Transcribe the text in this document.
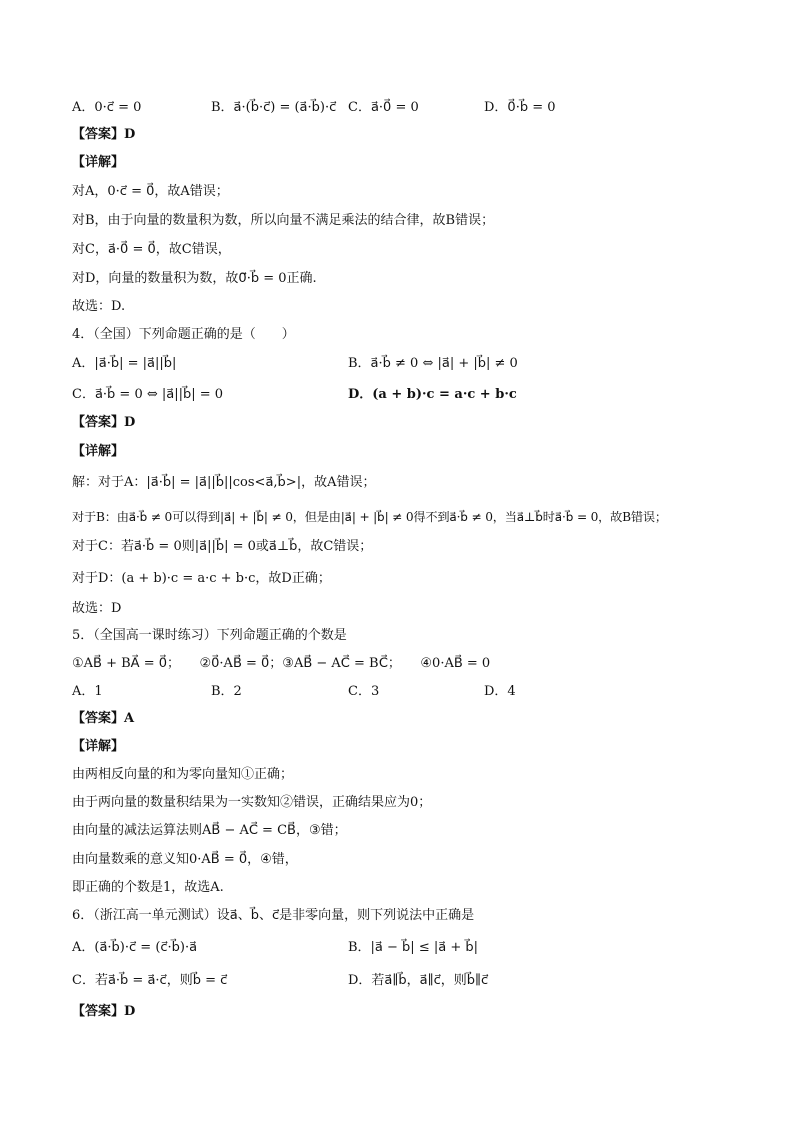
A．0·c⃗ = 0	B．a⃗·(b⃗·c⃗) = (a⃗·b⃗)·c⃗ C．a⃗·0⃗ = 0	D．0⃗·b⃗ = 0
【答案】D
【详解】
对A，0·c⃗ = 0⃗，故A错误；
对B，由于向量的数量积为数，所以向量不满足乘法的结合律，故B错误；
对C，a⃗·0⃗ = 0⃗，故C错误，
对D，向量的数量积为数，故0⃗·b⃗ = 0正确.
故选：D.
4．（全国）下列命题正确的是（　　）
A．|a⃗·b⃗| = |a⃗||b⃗|	B．a⃗·b⃗ ≠ 0 ⇔ |a⃗| + |b⃗| ≠ 0
C．a⃗·b⃗ = 0 ⇔ |a⃗||b⃗| = 0	D．(a + b)·c = a·c + b·c
【答案】D
【详解】
解：对于A：|a⃗·b⃗| = |a⃗||b⃗||cos<a⃗,b⃗>|，故A错误；
对于B：由a⃗·b⃗ ≠ 0可以得到|a⃗| + |b⃗| ≠ 0，但是由|a⃗| + |b⃗| ≠ 0得不到a⃗·b⃗ ≠ 0，当a⃗⊥b⃗时a⃗·b⃗ = 0，故B错误；
对于C：若a⃗·b⃗ = 0则|a⃗||b⃗| = 0或a⃗⊥b⃗，故C错误；
对于D：(a + b)·c = a·c + b·c，故D正确；
故选：D
5．（全国高一课时练习）下列命题正确的个数是
①AB⃗ + BA⃗ = 0⃗；　　②0⃗·AB⃗ = 0⃗；③AB⃗ − AC⃗ = BC⃗；　　④0·AB⃗ = 0
A．1	B．2	C．3	D．4
【答案】A
【详解】
由两相反向量的和为零向量知①正确；
由于两向量的数量积结果为一实数知②错误，正确结果应为0；
由向量的减法运算法则AB⃗ − AC⃗ = CB⃗，③错；
由向量数乘的意义知0·AB⃗ = 0⃗，④错，
即正确的个数是1，故选A.
6．（浙江高一单元测试）设a⃗、b⃗、c⃗是非零向量，则下列说法中正确是
A．(a⃗·b⃗)·c⃗ = (c⃗·b⃗)·a⃗	B．|a⃗ − b⃗| ≤ |a⃗ + b⃗|
C．若a⃗·b⃗ = a⃗·c⃗，则b⃗ = c⃗	D．若a⃗∥b⃗，a⃗∥c⃗，则b⃗∥c⃗
【答案】D
